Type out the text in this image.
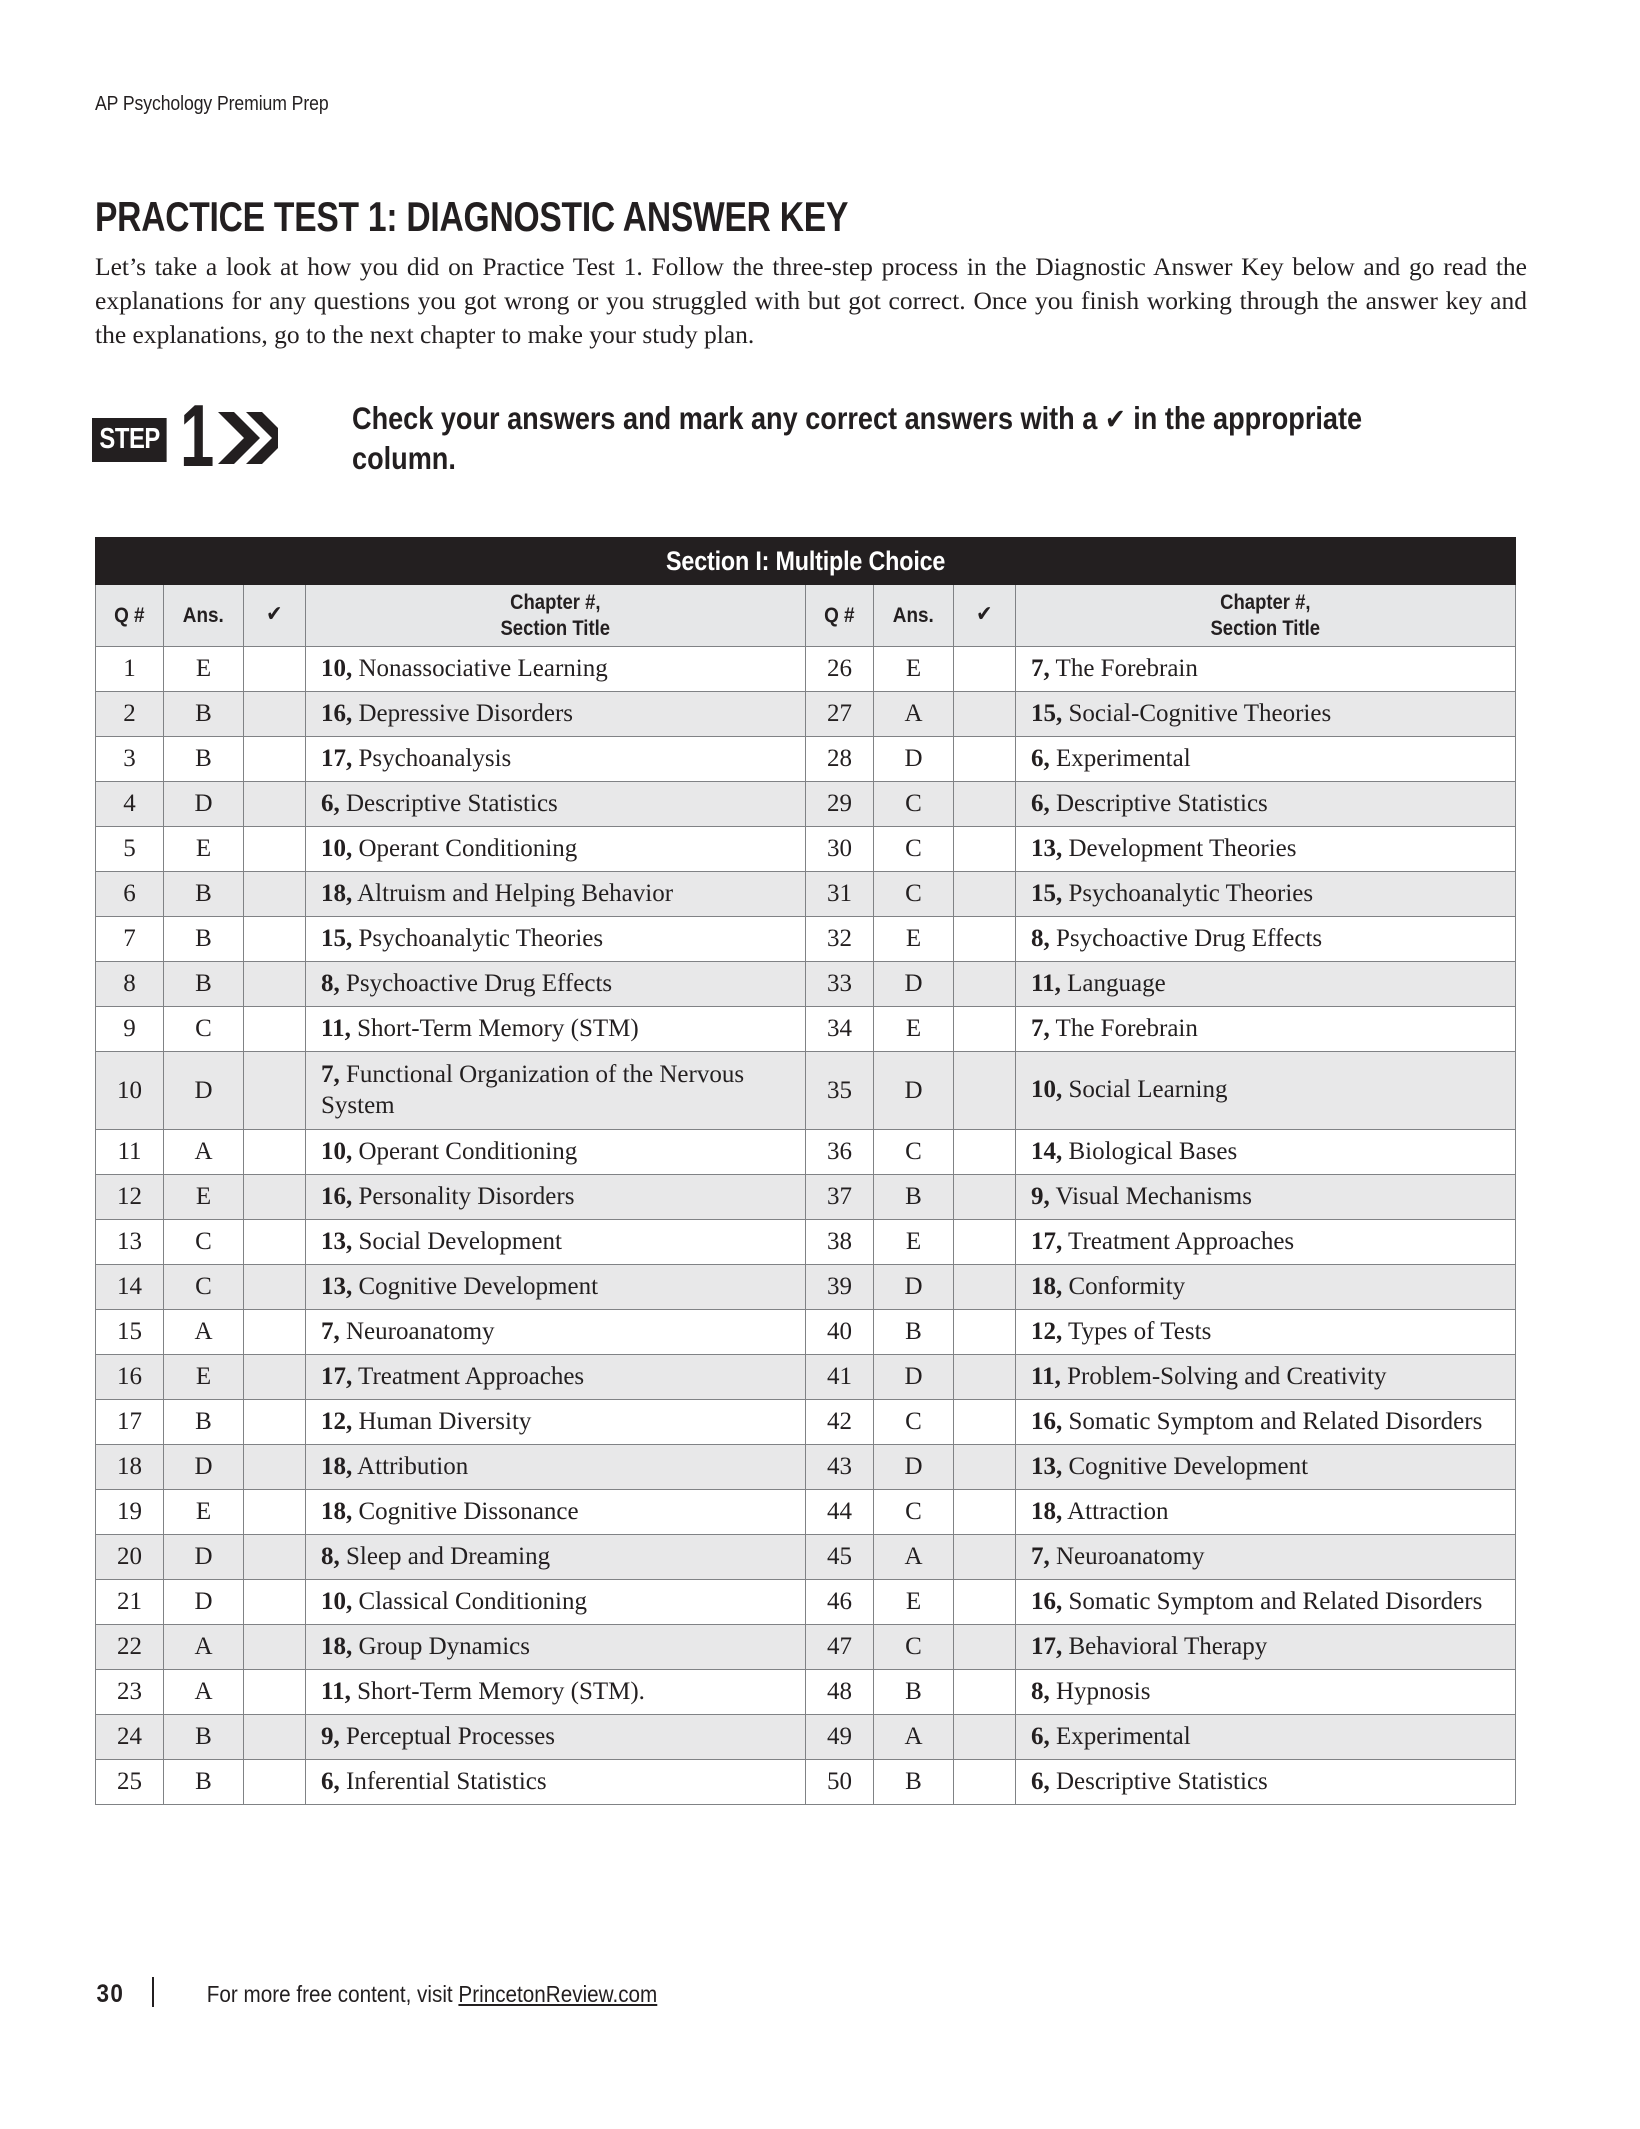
AP Psychology Premium Prep
PRACTICE TEST 1: DIAGNOSTIC ANSWER KEY

Let’s take a look at how you did on Practice Test 1. Follow the three-step process in the Diagnostic Answer Key below and go read the explanations for any questions you got wrong or you struggled with but got correct. Once you finish working through the answer key and the explanations, go to the next chapter to make your study plan.

STEP 1	Check your answers and mark any correct answers with a ✔ in the appropriate column.
Section I: Multiple Choice							
Q #	Ans.	✔	Chapter #,
Section Title	Q #	Ans.	✔	Chapter #,
Section Title
1	E		10, Nonassociative Learning	26	E		7, The Forebrain
2	B		16, Depressive Disorders	27	A		15, Social-Cognitive Theories
3	B		17, Psychoanalysis	28	D		6, Experimental
4	D		6, Descriptive Statistics	29	C		6, Descriptive Statistics
5	E		10, Operant Conditioning	30	C		13, Development Theories
6	B		18, Altruism and Helping Behavior	31	C		15, Psychoanalytic Theories
7	B		15, Psychoanalytic Theories	32	E		8, Psychoactive Drug Effects
8	B		8, Psychoactive Drug Effects	33	D		11, Language
9	C		11, Short-Term Memory (STM)	34	E		7, The Forebrain
10	D		7, Functional Organization of the Nervous System	35	D		10, Social Learning
11	A		10, Operant Conditioning	36	C		14, Biological Bases
12	E		16, Personality Disorders	37	B		9, Visual Mechanisms
13	C		13, Social Development	38	E		17, Treatment Approaches
14	C		13, Cognitive Development	39	D		18, Conformity
15	A		7, Neuroanatomy	40	B		12, Types of Tests
16	E		17, Treatment Approaches	41	D		11, Problem-Solving and Creativity
17	B		12, Human Diversity	42	C		16, Somatic Symptom and Related Disorders
18	D		18, Attribution	43	D		13, Cognitive Development
19	E		18, Cognitive Dissonance	44	C		18, Attraction
20	D		8, Sleep and Dreaming	45	A		7, Neuroanatomy
21	D		10, Classical Conditioning	46	E		16, Somatic Symptom and Related Disorders
22	A		18, Group Dynamics	47	C		17, Behavioral Therapy
23	A		11, Short-Term Memory (STM).	48	B		8, Hypnosis
24	B		9, Perceptual Processes	49	A		6, Experimental
25	B		6, Inferential Statistics	50	B		6, Descriptive Statistics
30	For more free content, visit PrincetonReview.com
